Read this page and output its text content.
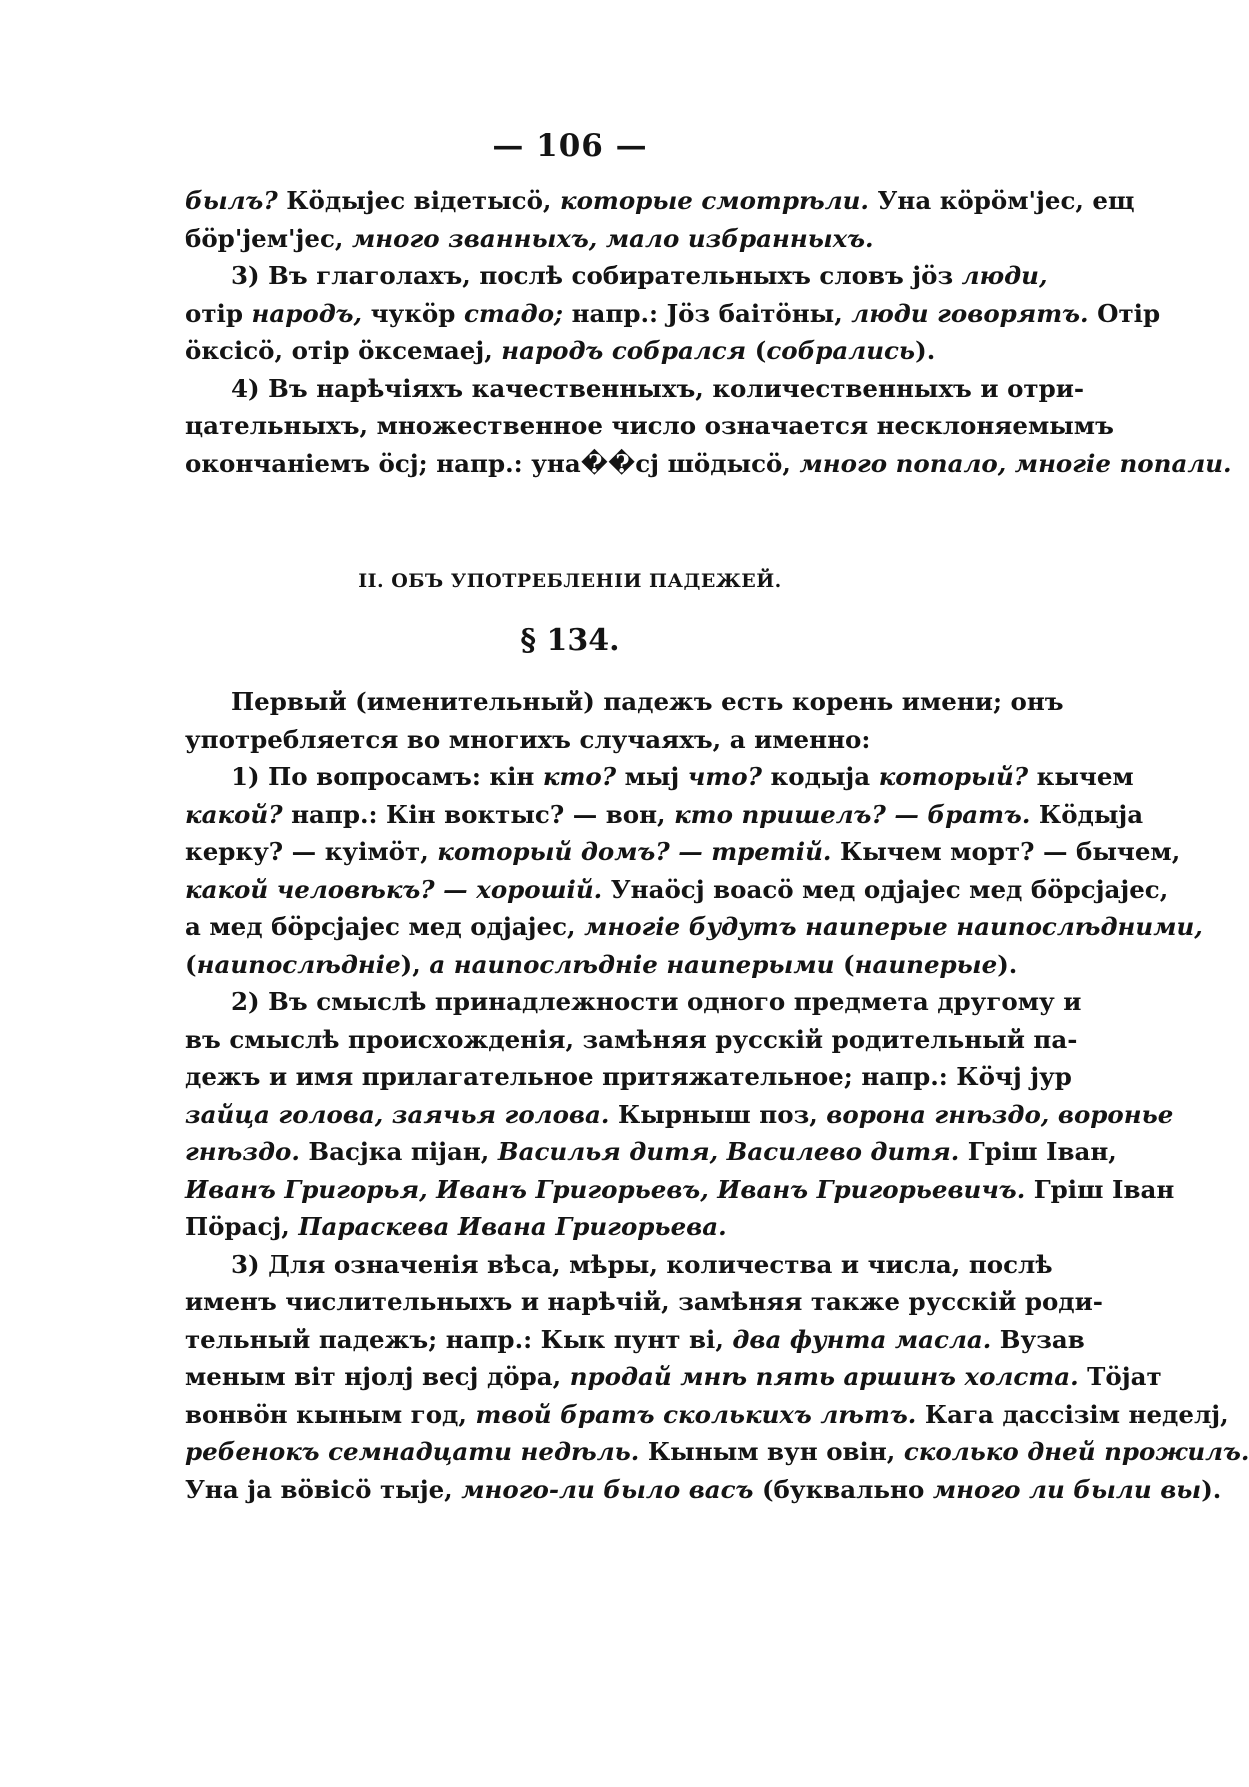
— 106 —
былъ? Кӧдыјес відетысӧ, которые смотрѣли. Уна кӧрӧм'јес, ещ
бӧр'јем'јес, много званныхъ, мало избранныхъ.
3) Въ глаголахъ, послѣ собирательныхъ словъ јӧз люди,
отір народъ, чукӧр стадо; напр.: Јӧз баітӧны, люди говорятъ. Отір
ӧксісӧ, отір ӧксемаеј, народъ собрался (собрались).
4) Въ нарѣчіяхъ качественныхъ, количественныхъ и отри-
цательныхъ, множественное число означается несклоняемымъ
окончаніемъ ӧсј; напр.: уна��сј шӧдысӧ, много попало, многіе попали.
II. ОБЪ УПОТРЕБЛЕНІИ ПАДЕЖЕЙ.
§ 134.
Первый (именительный) падежъ есть корень имени; онъ
употребляется во многихъ случаяхъ, а именно:
1) По вопросамъ: кін кто? мыј что? кодыја который? кычем
какой? напр.: Кін воктыс? — вон, кто пришелъ? — братъ. Кӧдыја
керку? — куімӧт, который домъ? — третій. Кычем морт? — бычем,
какой человѣкъ? — хорошій. Унаӧсј воасӧ мед одјајес мед бӧрсјајес,
а мед бӧрсјајес мед одјајес, многіе будутъ наиперые наипослѣдними,
(наипослѣдніе), а наипослѣдніе наиперыми (наиперые).
2) Въ смыслѣ принадлежности одного предмета другому и
въ смыслѣ происхожденія, замѣняя русскій родительный па-
дежъ и имя прилагательное притяжательное; напр.: Кӧчј јур
зайца голова, заячья голова. Кырныш поз, ворона гнѣздо, воронье
гнѣздо. Васјка піјан, Василья дитя, Василево дитя. Гріш Іван,
Иванъ Григорья, Иванъ Григорьевъ, Иванъ Григорьевичъ. Гріш Іван
Пӧрасј, Параскева Ивана Григорьева.
3) Для означенія вѣса, мѣры, количества и числа, послѣ
именъ числительныхъ и нарѣчій, замѣняя также русскій роди-
тельный падежъ; напр.: Кык пунт ві, два фунта масла. Вузав
меным віт нјолј весј дӧра, продай мнѣ пять аршинъ холста. Тӧјат
вонвӧн кыным год, твой братъ сколькихъ лѣтъ. Кага дассізім неделј,
ребенокъ семнадцати недѣль. Кыным вун овін, сколько дней прожилъ.
Уна ја вӧвісӧ тыје, много-ли было васъ (буквально много ли были вы).
